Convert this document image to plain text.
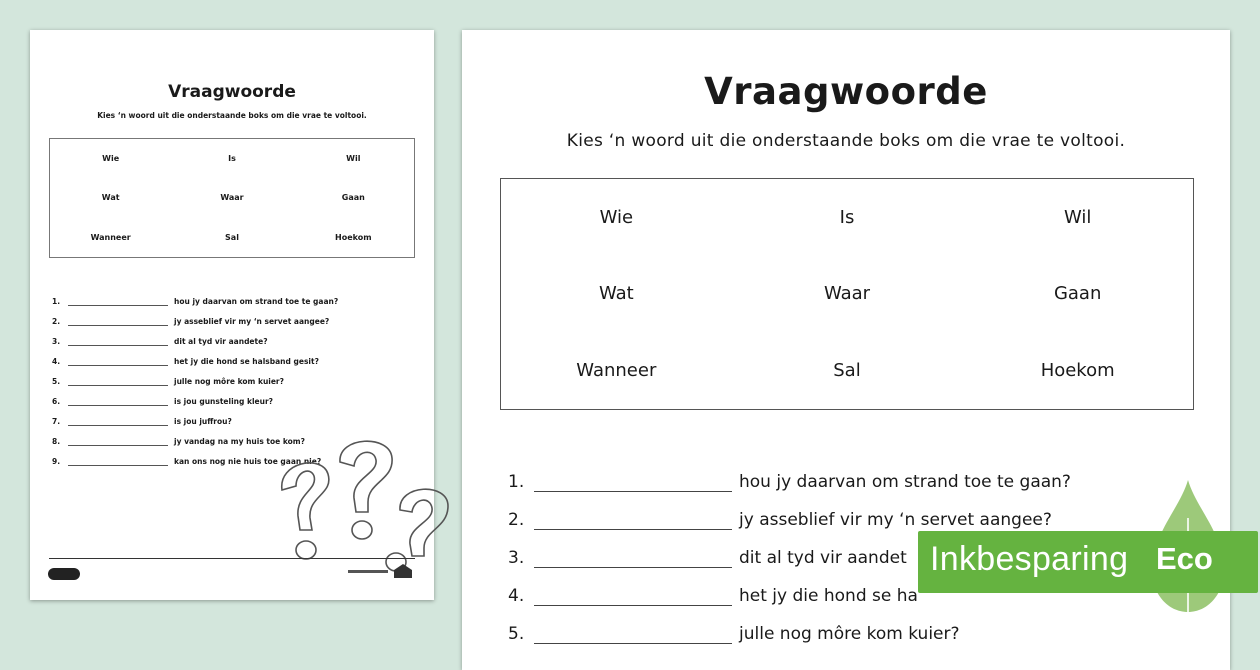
Vraagwoorde
Kies ‘n woord uit die onderstaande boks om die vrae te voltooi.
Wie	Is	Wil
Wat	Waar	Gaan
Wanneer	Sal	Hoekom
1.	hou jy daarvan om strand toe te gaan?
2.	jy asseblief vir my ‘n servet aangee?
3.	dit al tyd vir aandete?
4.	het jy die hond se halsband gesit?
5.	julle nog môre kom kuier?
6.	is jou gunsteling kleur?
7.	is jou juffrou?
8.	jy vandag na my huis toe kom?
9.	kan ons nog nie huis toe gaan nie?
Vraagwoorde
Kies ‘n woord uit die onderstaande boks om die vrae te voltooi.
Wie	Is	Wil
Wat	Waar	Gaan
Wanneer	Sal	Hoekom
1.	hou jy daarvan om strand toe te gaan?
2.	jy asseblief vir my ‘n servet aangee?
3.	dit al tyd vir aandet
4.	het jy die hond se ha
5.	julle nog môre kom kuier?
Inkbesparing Eco
